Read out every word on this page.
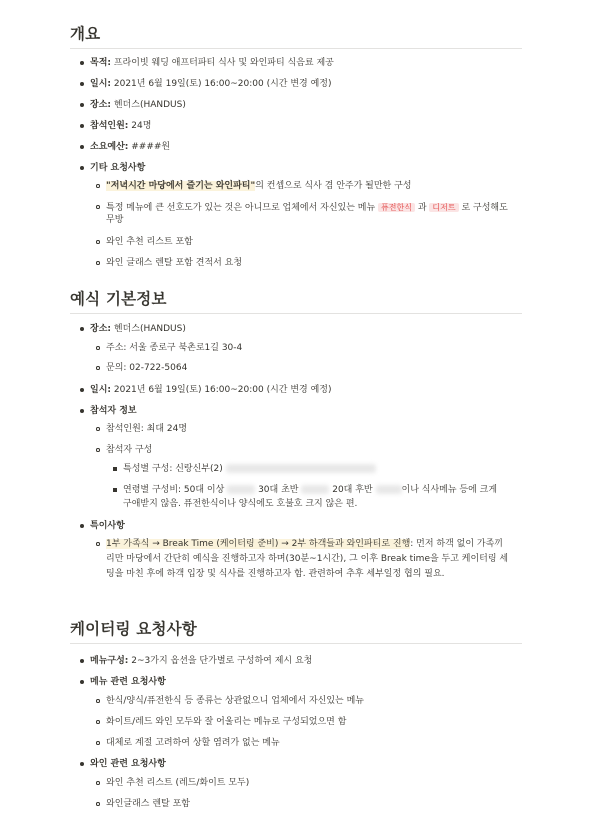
개요
목적: 프라이빗 웨딩 애프터파티 식사 및 와인파티 식음료 제공
일시: 2021년 6월 19일(토) 16:00~20:00 (시간 변경 예정)
장소: 헨더스(HANDUS)
참석인원: 24명
소요예산: ####원
기타 요청사항
"저녁시간 마당에서 즐기는 와인파티"의 컨셉으로 식사 겸 안주가 될만한 구성
특정 메뉴에 큰 선호도가 있는 것은 아니므로 업체에서 자신있는 메뉴 퓨전한식 과 디저트 로 구성해도
무방
와인 추천 리스트 포함
와인 글래스 렌탈 포함 견적서 요청
예식 기본정보
장소: 헨더스(HANDUS)
주소: 서울 종로구 북촌로1길 30-4
문의: 02-722-5064
일시: 2021년 6월 19일(토) 16:00~20:00 (시간 변경 예정)
참석자 정보
참석인원: 최대 24명
참석자 구성
특성별 구성: 신랑신부(2)
연령별 구성비: 50대 이상	30대 초반	20대 후반	이나 식사메뉴 등에 크게
구애받지 않음. 퓨전한식이나 양식에도 호불호 크지 않은 편.
특이사항
1부 가족식 → Break Time (케이터링 준비) → 2부 하객들과 와인파티로 진행: 먼저 하객 없이 가족끼
리만 마당에서 간단히 예식을 진행하고자 하며(30분~1시간), 그 이후 Break time을 두고 케이터링 세
팅을 마친 후에 하객 입장 및 식사를 진행하고자 함. 관련하여 추후 세부일정 협의 필요.
케이터링 요청사항
메뉴구성: 2~3가지 옵션을 단가별로 구성하여 제시 요청
메뉴 관련 요청사항
한식/양식/퓨전한식 등 종류는 상관없으니 업체에서 자신있는 메뉴
화이트/레드 와인 모두와 잘 어울리는 메뉴로 구성되었으면 함
대체로 계절 고려하여 상할 염려가 없는 메뉴
와인 관련 요청사항
와인 추천 리스트 (레드/화이트 모두)
와인글래스 렌탈 포함
